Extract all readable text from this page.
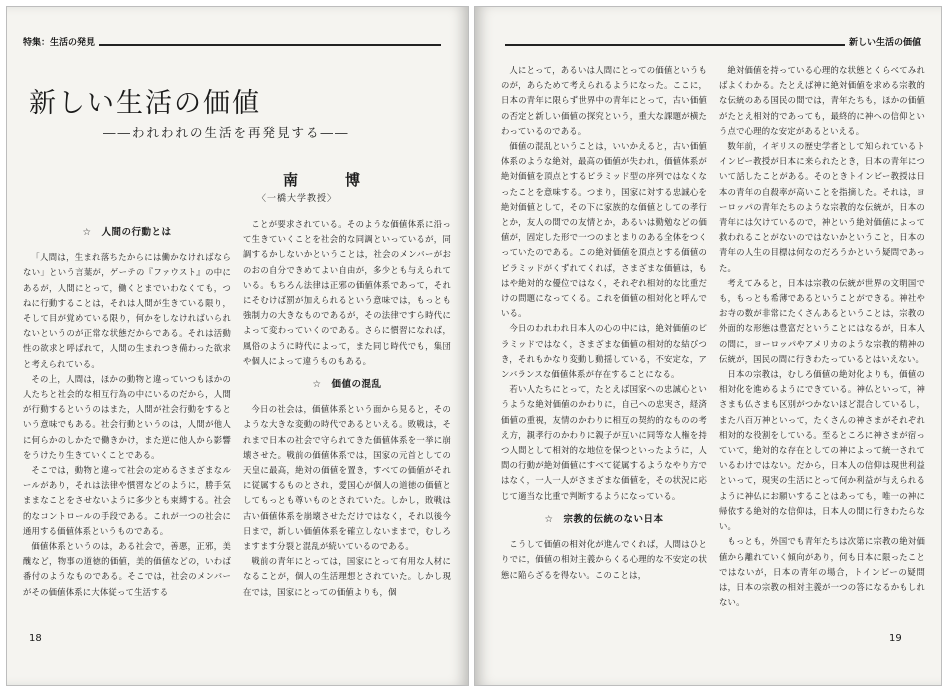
特集：生活の発見
新しい生活の価値
――われわれの生活を再発見する――
南　博
〈一橋大学教授〉
☆　人間の行動とは

「人間は，生まれ落ちたからには働かなければならない」という言葉が，ゲーテの『ファウスト』の中にあるが，人間にとって，働くとまでいわなくても，つねに行動することは，それは人間が生きている限り，そして目が覚めている限り，何かをしなければいられないというのが正常な状態だからである。それは活動性の欲求と呼ばれて，人間の生まれつき備わった欲求と考えられている。

その上，人間は，ほかの動物と違っていつもほかの人たちと社会的な相互行為の中にいるのだから，人間が行動するというのはまた，人間が社会行動をするという意味でもある。社会行動というのは，人間が他人に何らかのしかたで働きかけ，また逆に他人から影響をうけたり生きていくことである。

そこでは，動物と違って社会の定めるさまざまなルールがあり，それは法律や慣習などのように，勝手気ままなことをさせないように多少とも束縛する。社会的なコントロールの手段である。これが一つの社会に通用する価値体系というものである。

価値体系というのは，ある社会で，善悪，正邪，美醜など，物事の道徳的価値，美的価値などの，いわば番付のようなものである。そこでは，社会のメンバーがその価値体系に大体従って生活する

ことが要求されている。そのような価値体系に沿って生きていくことを社会的な同調といっているが，同調するかしないかということは，社会のメンバーがおのおの自分できめてよい自由が，多少とも与えられている。もちろん法律は正邪の価値体系であって，それにそむけば罰が加えられるという意味では，もっとも強制力の大きなものであるが，その法律ですら時代によって変わっていくのである。さらに慣習になれば，風俗のように時代によって，また同じ時代でも，集団や個人によって違うものもある。

☆　価値の混乱

今日の社会は，価値体系という面から見ると，そのような大きな変動の時代であるといえる。敗戦は，それまで日本の社会で守られてきた価値体系を一挙に崩壊させた。戦前の価値体系では，国家の元首としての天皇に最高，絶対の価値を置き，すべての価値がそれに従属するものとされ，愛国心が個人の道徳の価値としてもっとも尊いものとされていた。しかし，敗戦は古い価値体系を崩壊させただけではなく，それ以後今日まで，新しい価値体系を確立しないままで，むしろますます分裂と混乱が続いているのである。

戦前の青年にとっては，国家にとって有用な人材になることが，個人の生活理想とされていた。しかし現在では，国家にとっての価値よりも，個

18
新しい生活の価値

人にとって，あるいは人間にとっての価値というものが，あらためて考えられるようになった。ここに，日本の青年に限らず世界中の青年にとって，古い価値の否定と新しい価値の探究という，重大な課題が横たわっているのである。

価値の混乱ということは，いいかえると，古い価値体系のような絶対，最高の価値が失われ，価値体系が絶対価値を頂点とするピラミッド型の序列ではなくなったことを意味する。つまり，国家に対する忠誠心を絶対価値として，その下に家族的な価値としての孝行とか，友人の間での友情とか，あるいは勤勉などの価値が，固定した形で一つのまとまりのある全体をつくっていたのである。この絶対価値を頂点とする価値のピラミッドがくずれてくれば，さまざまな価値は，もはや絶対的な優位ではなく，それぞれ相対的な比重だけの問題になってくる。これを価値の相対化と呼んでいる。

今日のわれわれ日本人の心の中には，絶対価値のピラミッドではなく，さまざまな価値の相対的な結びつき，それもかなり変動し動揺している，不安定な，アンバランスな価値体系が存在することになる。

若い人たちにとって，たとえば国家への忠誠心というような絶対価値のかわりに，自己への忠実さ，経済価値の重視，友情のかわりに相互の契約的なものの考え方，親孝行のかわりに親子が互いに同等な人権を持つ人間として相対的な地位を保つといったように，人間の行動が絶対価値にすべて従属するようなやり方ではなく，一人一人がさまざまな価値を，その状況に応じて適当な比重で判断するようになっている。

☆　宗教的伝統のない日本

こうして価値の相対化が進んでくれば，人間はひとりでに，価値の相対主義からくる心理的な不安定の状態に陥らざるを得ない。このことは，

絶対価値を持っている心理的な状態とくらべてみればよくわかる。たとえば神に絶対価値を求める宗教的な伝統のある国民の間では，青年たちも，ほかの価値がたとえ相対的であっても，最終的に神への信仰という点で心理的な安定があるといえる。

数年前，イギリスの歴史学者として知られているトインビー教授が日本に来られたとき，日本の青年について話したことがある。そのときトインビー教授は日本の青年の自殺率が高いことを指摘した。それは，ヨーロッパの青年たちのような宗教的な伝統が，日本の青年には欠けているので，神という絶対価値によって救われることがないのではないかということ，日本の青年の人生の目標は何なのだろうかという疑問であった。

考えてみると，日本は宗教の伝統が世界の文明国でも，もっとも希薄であるということができる。神社やお寺の数が非常にたくさんあるということは，宗教の外面的な形態は豊富だということにはなるが，日本人の間に，ヨーロッパやアメリカのような宗教的精神の伝統が，国民の間に行きわたっているとはいえない。

日本の宗教は，むしろ価値の絶対化よりも，価値の相対化を進めるようにできている。神仏といって，神さまも仏さまも区別がつかないほど混合しているし，また八百万神といって，たくさんの神さまがそれぞれ相対的な役割をしている。至るところに神さまが宿っていて，絶対的な存在としての神によって統一されているわけではない。だから，日本人の信仰は現世利益といって，現実の生活にとって何か利益が与えられるように神仏にお願いすることはあっても，唯一の神に帰依する絶対的な信仰は，日本人の間に行きわたらない。

もっとも，外国でも青年たちは次第に宗教の絶対価値から離れていく傾向があり，何も日本に限ったことではないが，日本の青年の場合，トインビーの疑問は，日本の宗教の相対主義が一つの答になるかもしれない。

19
